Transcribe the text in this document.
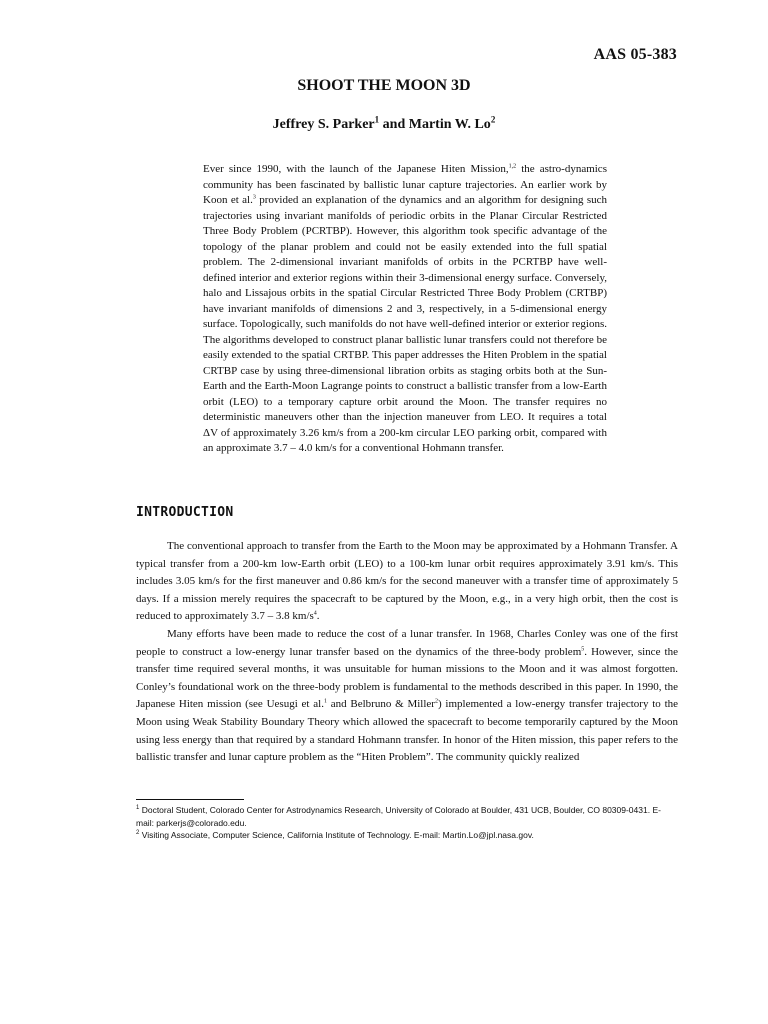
AAS 05-383
SHOOT THE MOON 3D
Jeffrey S. Parker$^1$ and Martin W. Lo$^2$

Ever since 1990, with the launch of the Japanese Hiten Mission,$^{1,2}$ the astro-dynamics community has been fascinated by ballistic lunar capture trajectories. An earlier work by Koon et al.$^3$ provided an explanation of the dynamics and an algorithm for designing such trajectories using invariant manifolds of periodic orbits in the Planar Circular Restricted Three Body Problem (PCRTBP). However, this algorithm took specific advantage of the topology of the planar problem and could not be easily extended into the full spatial problem. The 2-dimensional invariant manifolds of orbits in the PCRTBP have well-defined interior and exterior regions within their 3-dimensional energy surface. Conversely, halo and Lissajous orbits in the spatial Circular Restricted Three Body Problem (CRTBP) have invariant manifolds of dimensions 2 and 3, respectively, in a 5-dimensional energy surface. Topologically, such manifolds do not have well-defined interior or exterior regions. The algorithms developed to construct planar ballistic lunar transfers could not therefore be easily extended to the spatial CRTBP. This paper addresses the Hiten Problem in the spatial CRTBP case by using three-dimensional libration orbits as staging orbits both at the Sun-Earth and the Earth-Moon Lagrange points to construct a ballistic transfer from a low-Earth orbit (LEO) to a temporary capture orbit around the Moon. The transfer requires no deterministic maneuvers other than the injection maneuver from LEO. It requires a total ΔV of approximately 3.26 km/s from a 200-km circular LEO parking orbit, compared with an approximate 3.7 – 4.0 km/s for a conventional Hohmann transfer.

INTRODUCTION

The conventional approach to transfer from the Earth to the Moon may be approximated by a Hohmann Transfer. A typical transfer from a 200-km low-Earth orbit (LEO) to a 100-km lunar orbit requires approximately 3.91 km/s. This includes 3.05 km/s for the first maneuver and 0.86 km/s for the second maneuver with a transfer time of approximately 5 days. If a mission merely requires the spacecraft to be captured by the Moon, e.g., in a very high orbit, then the cost is reduced to approximately 3.7 – 3.8 km/s$^4$.

Many efforts have been made to reduce the cost of a lunar transfer. In 1968, Charles Conley was one of the first people to construct a low-energy lunar transfer based on the dynamics of the three-body problem$^5$. However, since the transfer time required several months, it was unsuitable for human missions to the Moon and it was almost forgotten. Conley’s foundational work on the three-body problem is fundamental to the methods described in this paper. In 1990, the Japanese Hiten mission (see Uesugi et al.$^1$ and Belbruno & Miller$^2$) implemented a low-energy transfer trajectory to the Moon using Weak Stability Boundary Theory which allowed the spacecraft to become temporarily captured by the Moon using less energy than that required by a standard Hohmann transfer. In honor of the Hiten mission, this paper refers to the ballistic transfer and lunar capture problem as the “Hiten Problem”. The community quickly realized

$^1$ Doctoral Student, Colorado Center for Astrodynamics Research, University of Colorado at Boulder, 431 UCB, Boulder, CO 80309-0431. E-mail: parkerjs@colorado.edu.

$^2$ Visiting Associate, Computer Science, California Institute of Technology. E-mail: Martin.Lo@jpl.nasa.gov.
